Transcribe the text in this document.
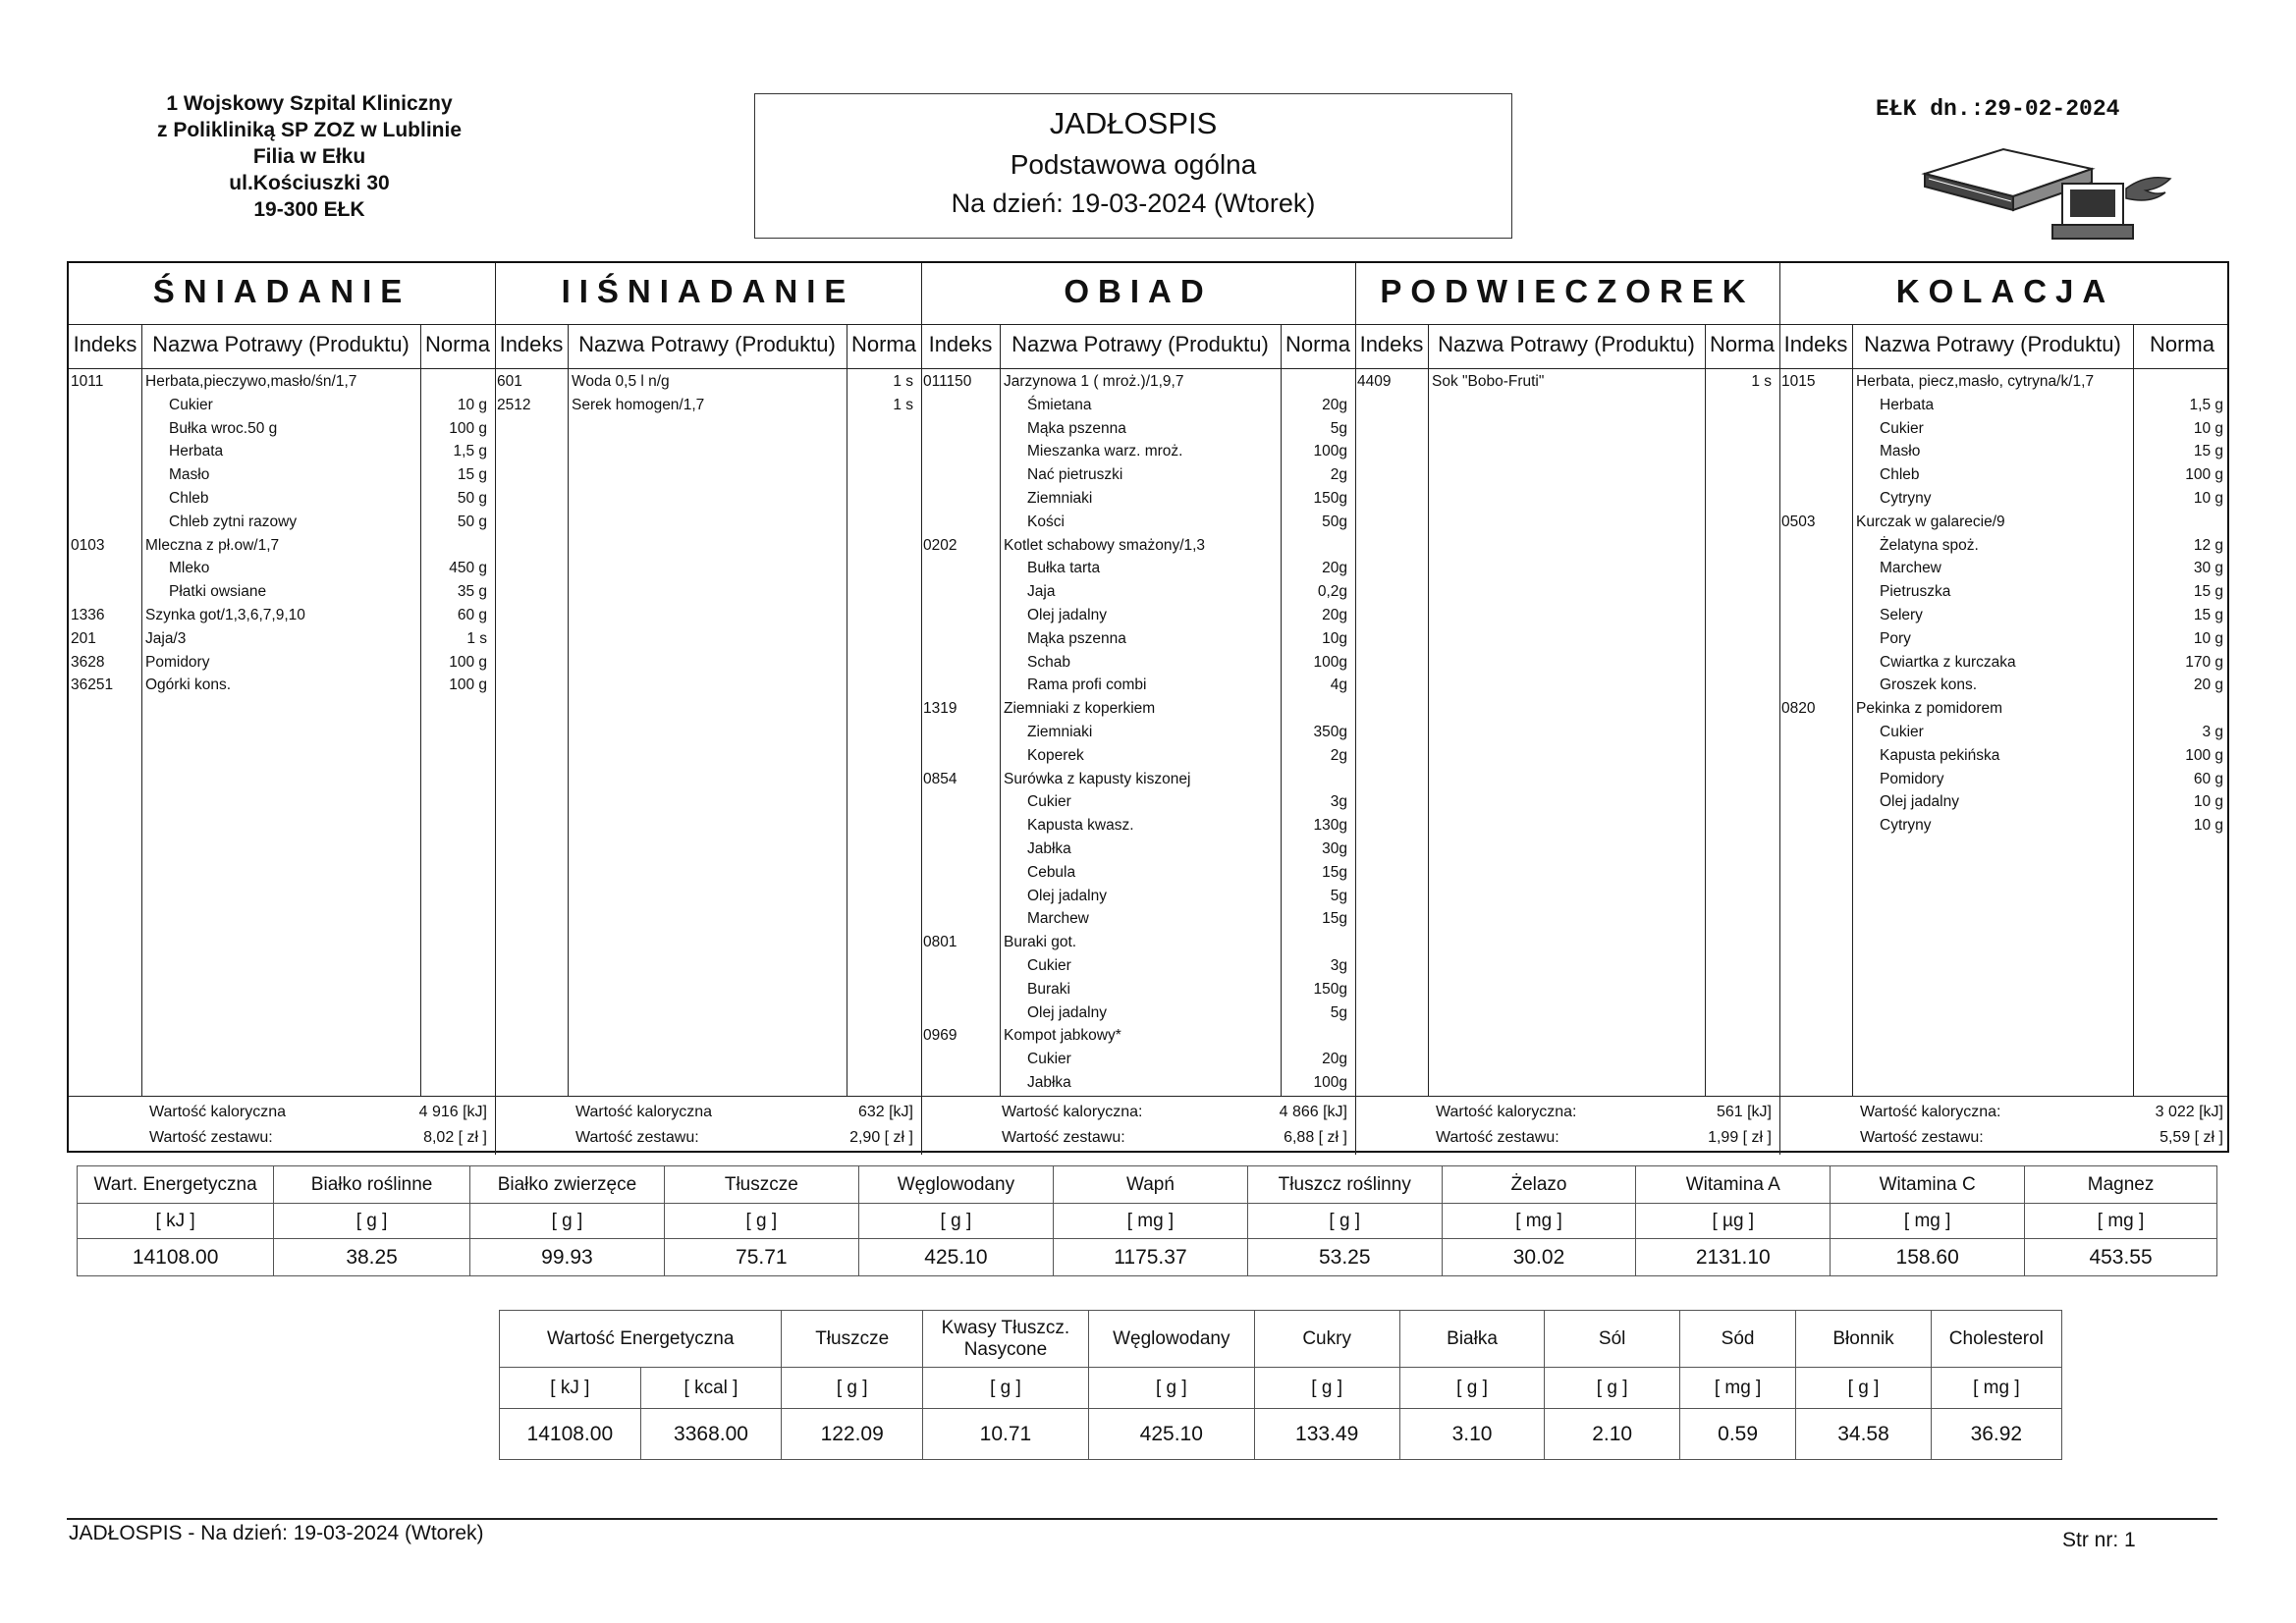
1 Wojskowy Szpital Kliniczny
z Polikliniką SP ZOZ w Lublinie
Filia w Ełku
ul.Kościuszki 30
19-300 EŁK
JADŁOSPIS
Podstawowa ogólna
Na dzień: 19-03-2024 (Wtorek)
EŁK dn.:29-02-2024
ŚNIADANIE
Indeks Nazwa Potrawy (Produktu) Norma
1011	Herbata,pieczywo,masło/śn/1,7
Cukier	10 g
Bułka wroc.50 g	100 g
Herbata	1,5 g
Masło	15 g
Chleb	50 g
Chleb zytni razowy	50 g
0103	Mleczna z pł.ow/1,7
Mleko	450 g
Płatki owsiane	35 g
1336	Szynka got/1,3,6,7,9,10	60 g
201	Jaja/3	1 s
3628	Pomidory	100 g
36251 Ogórki kons.	100 g
Wartość kaloryczna	4 916 [kJ]
Wartość zestawu:	8,02 [ zł ]
IIŚNIADANIE
Indeks Nazwa Potrawy (Produktu) Norma
601	Woda 0,5 l n/g	1 s
2512	Serek homogen/1,7	1 s
Wartość kaloryczna	632 [kJ]
Wartość zestawu:	2,90 [ zł ]
OBIAD
Indeks Nazwa Potrawy (Produktu) Norma
011150 Jarzynowa 1 ( mroż.)/1,9,7
Śmietana	20g
Mąka pszenna	5g
Mieszanka warz. mroż.	100g
Nać pietruszki	2g
Ziemniaki	150g
Kości	50g
0202	Kotlet schabowy smażony/1,3
Bułka tarta	20g
Jaja	0,2g
Olej jadalny	20g
Mąka pszenna	10g
Schab	100g
Rama profi combi	4g
1319	Ziemniaki z koperkiem
Ziemniaki	350g
Koperek	2g
0854	Surówka z kapusty kiszonej
Cukier	3g
Kapusta kwasz.	130g
Jabłka	30g
Cebula	15g
Olej jadalny	5g
Marchew	15g
0801	Buraki got.
Cukier	3g
Buraki	150g
Olej jadalny	5g
0969	Kompot jabkowy*
Cukier	20g
Jabłka	100g
Wartość kaloryczna:	4 866 [kJ]
Wartość zestawu:	6,88 [ zł ]
PODWIECZOREK
Indeks Nazwa Potrawy (Produktu) Norma
4409	Sok "Bobo-Fruti"	1 s
Wartość kaloryczna:	561 [kJ]
Wartość zestawu:	1,99 [ zł ]
KOLACJA
Indeks Nazwa Potrawy (Produktu)	Norma
1015	Herbata, piecz,masło, cytryna/k/1,7
Herbata	1,5 g
Cukier	10 g
Masło	15 g
Chleb	100 g
Cytryny	10 g
0503	Kurczak w galarecie/9
Żelatyna spoż.	12 g
Marchew	30 g
Pietruszka	15 g
Selery	15 g
Pory	10 g
Cwiartka z kurczaka	170 g
Groszek kons.	20 g
0820	Pekinka z pomidorem
Cukier	3 g
Kapusta pekińska	100 g
Pomidory	60 g
Olej jadalny	10 g
Cytryny	10 g
Wartość kaloryczna:	3 022 [kJ]
Wartość zestawu:	5,59 [ zł ]
Wart. Energetyczna	Białko roślinne	Białko zwierzęce	Tłuszcze	Węglowodany	Wapń	Tłuszcz roślinny	Żelazo	Witamina A	Witamina C	Magnez
[ kJ ]	[ g ]	[ g ]	[ g ]	[ g ]	[ mg ]	[ g ]	[ mg ]	[ µg ]	[ mg ]	[ mg ]
14108.00	38.25	99.93	75.71	425.10	1175.37	53.25	30.02	2131.10	158.60	453.55
Wartość Energetyczna		Tłuszcze	Kwasy Tłuszcz. Nasycone	Węglowodany	Cukry	Białka	Sól	Sód	Błonnik	Cholesterol
[ kJ ]	[ kcal ]	[ g ]	[ g ]	[ g ]	[ g ]	[ g ]	[ g ]	[ mg ]	[ g ]	[ mg ]
14108.00	3368.00	122.09	10.71	425.10	133.49	3.10	2.10	0.59	34.58	36.92
JADŁOSPIS - Na dzień: 19-03-2024 (Wtorek)	Str nr: 1
